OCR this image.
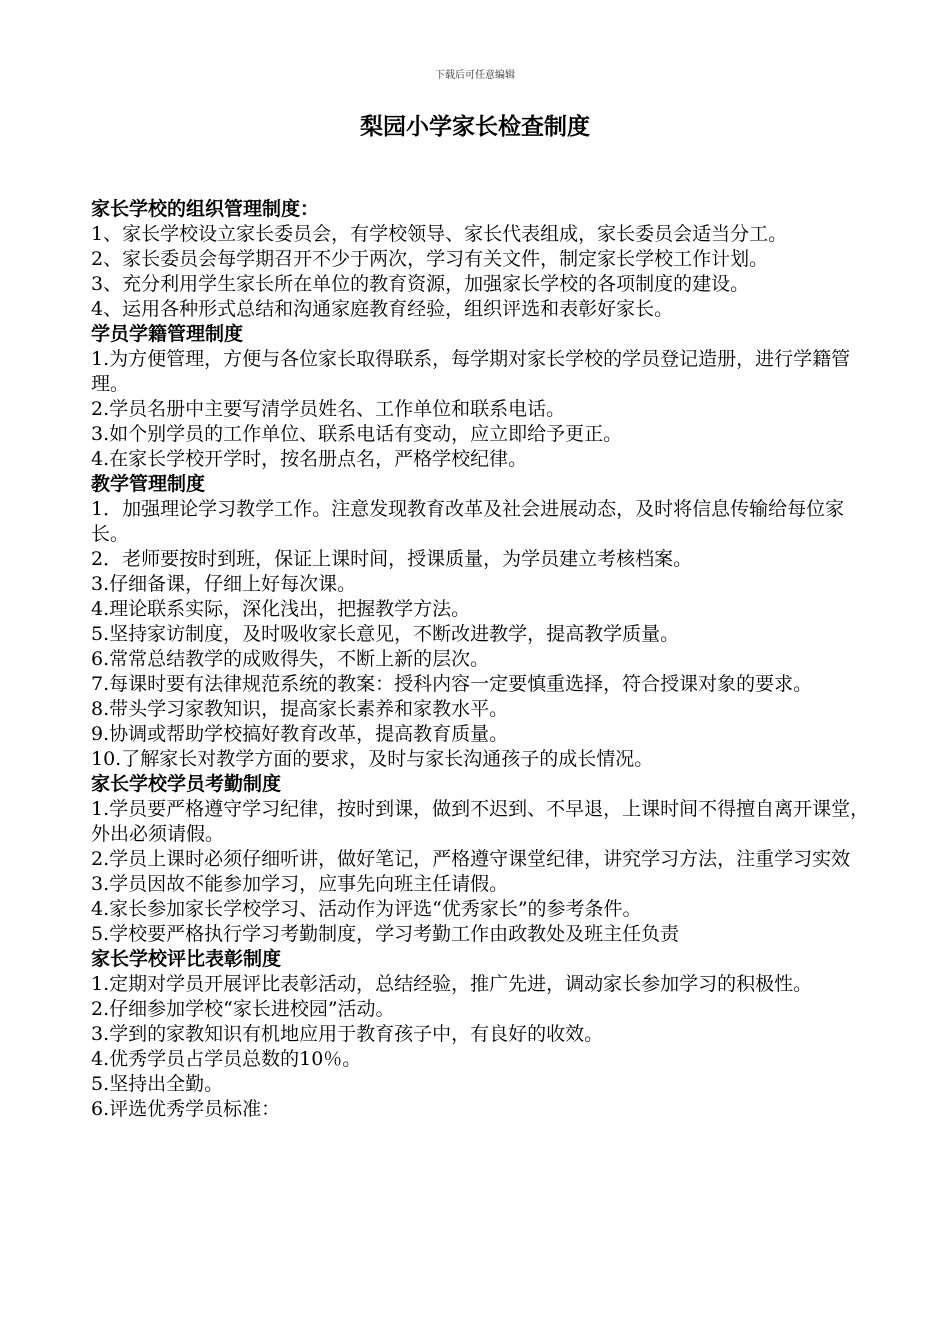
下载后可任意编辑
梨园小学家长检查制度

家长学校的组织管理制度：

1、家长学校设立家长委员会，有学校领导、家长代表组成，家长委员会适当分工。

2、家长委员会每学期召开不少于两次，学习有关文件，制定家长学校工作计划。

3、充分利用学生家长所在单位的教育资源，加强家长学校的各项制度的建设。

4、运用各种形式总结和沟通家庭教育经验，组织评选和表彰好家长。

学员学籍管理制度

1.为方便管理，方便与各位家长取得联系，每学期对家长学校的学员登记造册，进行学籍管理。

2.学员名册中主要写清学员姓名、工作单位和联系电话。

3.如个别学员的工作单位、联系电话有变动，应立即给予更正。

4.在家长学校开学时，按名册点名，严格学校纪律。

教学管理制度

1．加强理论学习教学工作。注意发现教育改革及社会进展动态，及时将信息传输给每位家长。

2．老师要按时到班，保证上课时间，授课质量，为学员建立考核档案。

3.仔细备课，仔细上好每次课。

4.理论联系实际，深化浅出，把握教学方法。

5.坚持家访制度，及时吸收家长意见，不断改进教学，提高教学质量。

6.常常总结教学的成败得失，不断上新的层次。

7.每课时要有法律规范系统的教案：授科内容一定要慎重选择，符合授课对象的要求。

8.带头学习家教知识，提高家长素养和家教水平。

9.协调或帮助学校搞好教育改革，提高教育质量。

10.了解家长对教学方面的要求，及时与家长沟通孩子的成长情况。

家长学校学员考勤制度

1.学员要严格遵守学习纪律，按时到课，做到不迟到、不早退，上课时间不得擅自离开课堂，外出必须请假。

2.学员上课时必须仔细听讲，做好笔记，严格遵守课堂纪律，讲究学习方法，注重学习实效

3.学员因故不能参加学习，应事先向班主任请假。

4.家长参加家长学校学习、活动作为评选“优秀家长”的参考条件。

5.学校要严格执行学习考勤制度，学习考勤工作由政教处及班主任负责

家长学校评比表彰制度

1.定期对学员开展评比表彰活动，总结经验，推广先进，调动家长参加学习的积极性。

2.仔细参加学校“家长进校园”活动。

3.学到的家教知识有机地应用于教育孩子中，有良好的收效。

4.优秀学员占学员总数的10％。

5.坚持出全勤。

6.评选优秀学员标准：
